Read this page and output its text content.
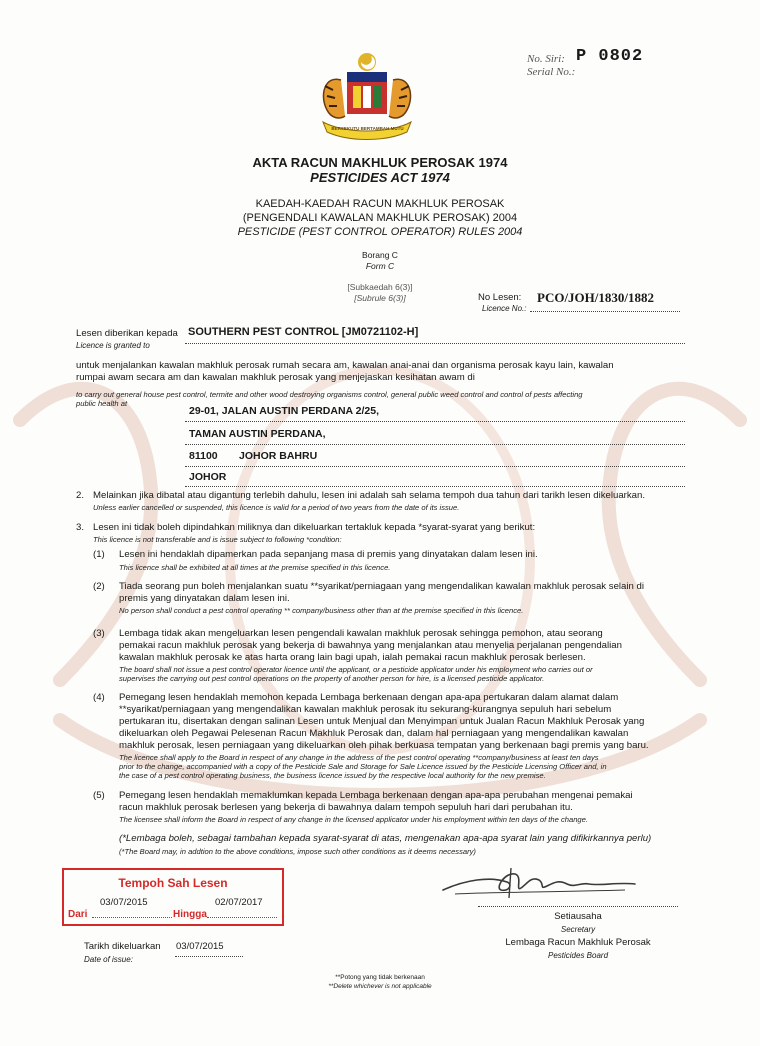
BERSEKUTU BERTAMBAH MUTU
No. Siri:
Serial No.:
P 0802
AKTA RACUN MAKHLUK PEROSAK 1974
PESTICIDES ACT 1974
KAEDAH-KAEDAH RACUN MAKHLUK PEROSAK
(PENGENDALI KAWALAN MAKHLUK PEROSAK) 2004
PESTICIDE (PEST CONTROL OPERATOR) RULES 2004
Borang C
Form C
[Subkaedah 6(3)]
[Subrule 6(3)]	No Lesen:
Licence No.:
PCO/JOH/1830/1882
Lesen diberikan kepada
Licence is granted to
SOUTHERN PEST CONTROL [JM0721102-H]
untuk menjalankan kawalan makhluk perosak rumah secara am, kawalan anai-anai dan organisma perosak kayu lain, kawalan
rumpai awam secara am dan kawalan makhluk perosak yang menjejaskan kesihatan awam di
to carry out general house pest control, termite and other wood destroying organisms control, general public weed control and control of pests affecting
public health at
29-01, JALAN AUSTIN PERDANA 2/25,
TAMAN AUSTIN PERDANA,
81100 JOHOR BAHRU
JOHOR
2. Melainkan jika dibatal atau digantung terlebih dahulu, lesen ini adalah sah selama tempoh dua tahun dari tarikh lesen dikeluarkan.
Unless earlier cancelled or suspended, this licence is valid for a period of two years from the date of its issue.
3. Lesen ini tidak boleh dipindahkan miliknya dan dikeluarkan tertakluk kepada *syarat-syarat yang berikut:
This licence is not transferable and is issue subject to following *condition:
(1) Lesen ini hendaklah dipamerkan pada sepanjang masa di premis yang dinyatakan dalam lesen ini.
This licence shall be exhibited at all times at the premise specified in this licence.
(2) Tiada seorang pun boleh menjalankan suatu **syarikat/perniagaan yang mengendalikan kawalan makhluk perosak selain di
premis yang dinyatakan dalam lesen ini.
No person shall conduct a pest control operating ** company/business other than at the premise specified in this licence.
(3) Lembaga tidak akan mengeluarkan lesen pengendali kawalan makhluk perosak sehingga pemohon, atau seorang
pemakai racun makhluk perosak yang bekerja di bawahnya yang menjalankan atau menyelia perjalanan pengendalian
kawalan makhluk perosak ke atas harta orang lain bagi upah, ialah pemakai racun makhluk perosak berlesen.
The board shall not issue a pest control operator licence until the applicant, or a pesticide applicator under his employment who carries out or
supervises the carrying out pest control operations on the property of another person for hire, is a licensed pesticide applicator.
(4) Pemegang lesen hendaklah memohon kepada Lembaga berkenaan dengan apa-apa pertukaran dalam alamat dalam
**syarikat/perniagaan yang mengendalikan kawalan makhluk perosak itu sekurang-kurangnya sepuluh hari sebelum
pertukaran itu, disertakan dengan salinan Lesen untuk Menjual dan Menyimpan untuk Jualan Racun Makhluk Perosak yang
dikeluarkan oleh Pegawai Pelesenan Racun Makhluk Perosak dan, dalam hal perniagaan yang mengendalikan kawalan
makhluk perosak, lesen perniagaan yang dikeluarkan oleh pihak berkuasa tempatan yang berkenaan bagi premis yang baru.
The licence shall apply to the Board in respect of any change in the address of the pest control operating **company/business at least ten days
prior to the change, accompanied with a copy of the Pesticide Sale and Storage for Sale Licence issued by the Pesticide Licensing Officer and, in
the case of a pest control operating business, the business licence issued by the respective local authority for the new premise.
(5) Pemegang lesen hendaklah memaklumkan kepada Lembaga berkenaan dengan apa-apa perubahan mengenai pemakai
racun makhluk perosak berlesen yang bekerja di bawahnya dalam tempoh sepuluh hari dari perubahan itu.
The licensee shall inform the Board in respect of any change in the licensed applicator under his employment within ten days of the change.
(*Lembaga boleh, sebagai tambahan kepada syarat-syarat di atas, mengenakan apa-apa syarat lain yang difikirkannya perlu)
(*The Board may, in addtion to the above conditions, impose such other conditions as it deems necessary)
Tempoh Sah Lesen
03/07/2015	02/07/2017
Dari	Hingga
Tarikh dikeluarkan
Date of issue:
03/07/2015
Setiausaha
Secretary
Lembaga Racun Makhluk Perosak
Pesticides Board
**Potong yang tidak berkenaan
**Delete whichever is not applicable
